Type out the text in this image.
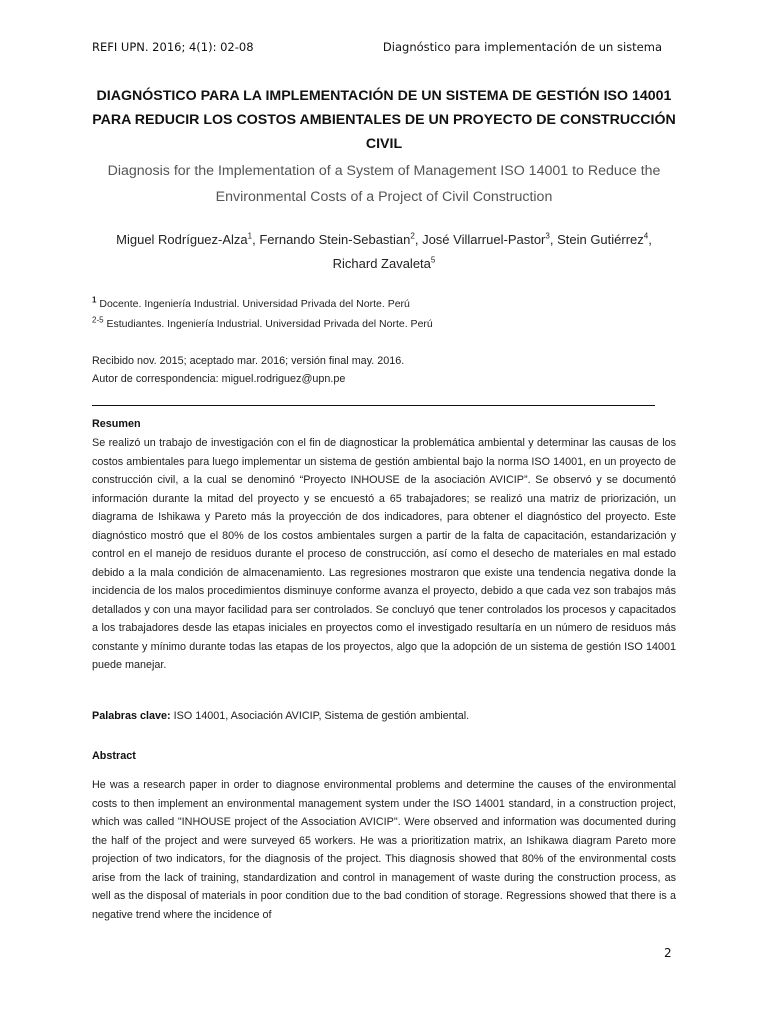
REFI UPN. 2016; 4(1): 02-08	Diagnóstico para implementación de un sistema
DIAGNÓSTICO PARA LA IMPLEMENTACIÓN DE UN SISTEMA DE GESTIÓN ISO 14001 PARA REDUCIR LOS COSTOS AMBIENTALES DE UN PROYECTO DE CONSTRUCCIÓN CIVIL
Diagnosis for the Implementation of a System of Management ISO 14001 to Reduce the Environmental Costs of a Project of Civil Construction
Miguel Rodríguez-Alza$^1$, Fernando Stein-Sebastian$^2$, José Villarruel-Pastor$^3$, Stein Gutiérrez$^4$, Richard Zavaleta$^5$
$^1$ Docente. Ingeniería Industrial. Universidad Privada del Norte. Perú
$^{2-5}$ Estudiantes. Ingeniería Industrial. Universidad Privada del Norte. Perú
Recibido nov. 2015; aceptado mar. 2016; versión final may. 2016.
Autor de correspondencia: miguel.rodriguez@upn.pe
Resumen
Se realizó un trabajo de investigación con el fin de diagnosticar la problemática ambiental y determinar las causas de los costos ambientales para luego implementar un sistema de gestión ambiental bajo la norma ISO 14001, en un proyecto de construcción civil, a la cual se denominó “Proyecto INHOUSE de la asociación AVICIP”. Se observó y se documentó información durante la mitad del proyecto y se encuestó a 65 trabajadores; se realizó una matriz de priorización, un diagrama de Ishikawa y Pareto más la proyección de dos indicadores, para obtener el diagnóstico del proyecto. Este diagnóstico mostró que el 80% de los costos ambientales surgen a partir de la falta de capacitación, estandarización y control en el manejo de residuos durante el proceso de construcción, así como el desecho de materiales en mal estado debido a la mala condición de almacenamiento. Las regresiones mostraron que existe una tendencia negativa donde la incidencia de los malos procedimientos disminuye conforme avanza el proyecto, debido a que cada vez son trabajos más detallados y con una mayor facilidad para ser controlados. Se concluyó que tener controlados los procesos y capacitados a los trabajadores desde las etapas iniciales en proyectos como el investigado resultaría en un número de residuos más constante y mínimo durante todas las etapas de los proyectos, algo que la adopción de un sistema de gestión ISO 14001 puede manejar.
Palabras clave: ISO 14001, Asociación AVICIP, Sistema de gestión ambiental.
Abstract
He was a research paper in order to diagnose environmental problems and determine the causes of the environmental costs to then implement an environmental management system under the ISO 14001 standard, in a construction project, which was called "INHOUSE project of the Association AVICIP". Were observed and information was documented during the half of the project and were surveyed 65 workers. He was a prioritization matrix, an Ishikawa diagram Pareto more projection of two indicators, for the diagnosis of the project. This diagnosis showed that 80% of the environmental costs arise from the lack of training, standardization and control in management of waste during the construction process, as well as the disposal of materials in poor condition due to the bad condition of storage. Regressions showed that there is a negative trend where the incidence of
2
